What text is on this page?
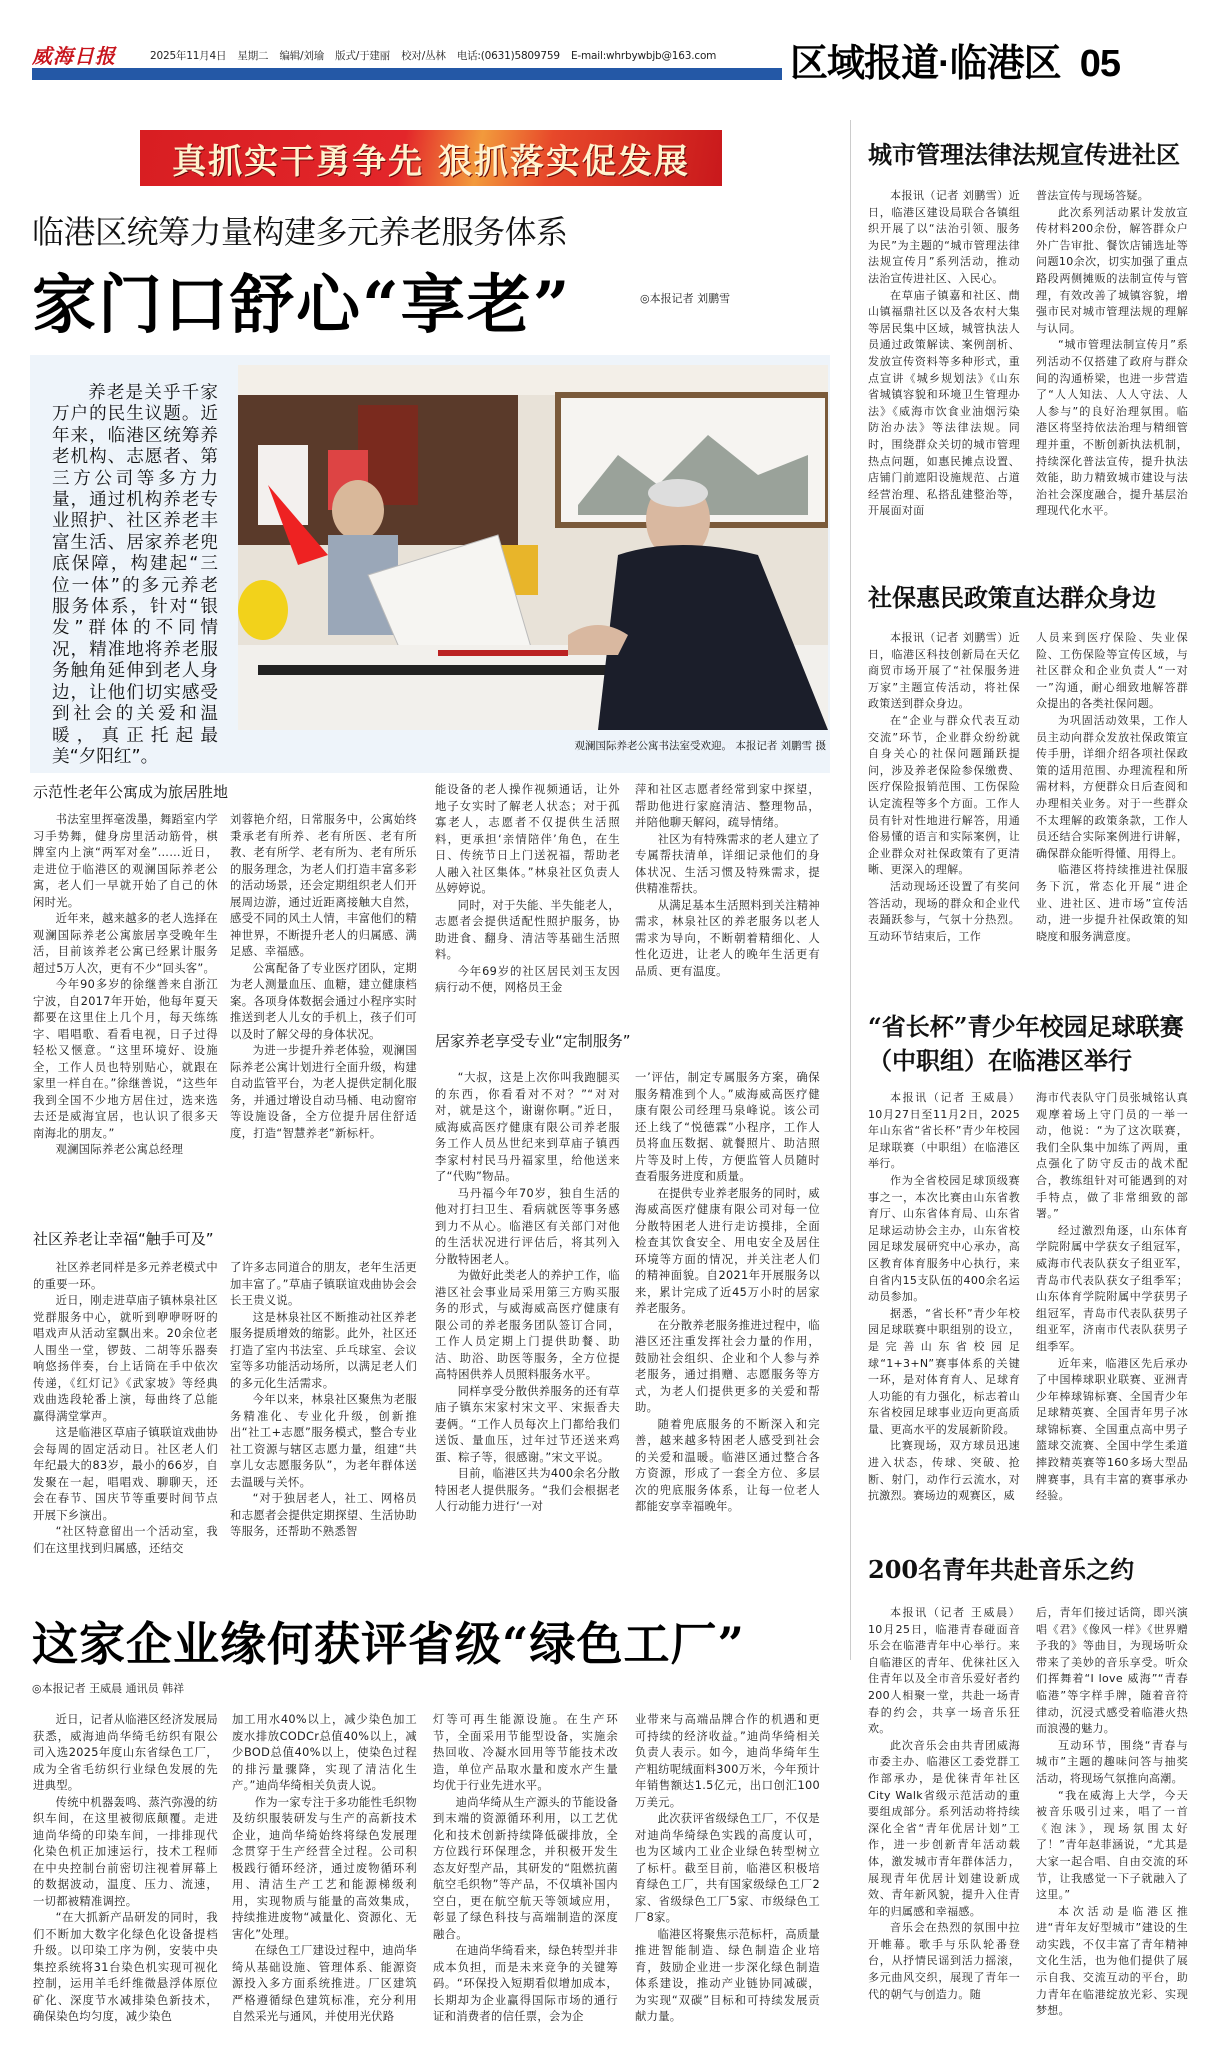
威海日报	2025年11月4日 星期二 编辑/刘瑜 版式/于建丽 校对/丛林 电话:(0631)5809759 E-mail:whrbywbjb@163.com 区域报道·临港区 05
真抓实干勇争先 狠抓落实促发展
临港区统筹力量构建多元养老服务体系
家门口舒心“享老”	◎本报记者 刘鹏雪
养老是关乎千家万户的民生议题。近年来，临港区统筹养老机构、志愿者、第三方公司等多方力量，通过机构养老专业照护、社区养老丰富生活、居家养老兜底保障，构建起“三位一体”的多元养老服务体系，针对“银发”群体的不同情况，精准地将养老服务触角延伸到老人身边，让他们切实感受到社会的关爱和温暖，真正托起最美“夕阳红”。
观澜国际养老公寓书法室受欢迎。 本报记者 刘鹏雪 摄
示范性老年公寓成为旅居胜地

书法室里挥毫泼墨，舞蹈室内学习手势舞，健身房里活动筋骨，棋牌室内上演“两军对垒”……近日，走进位于临港区的观澜国际养老公寓，老人们一早就开始了自己的休闲时光。

近年来，越来越多的老人选择在观澜国际养老公寓旅居享受晚年生活，目前该养老公寓已经累计服务超过5万人次，更有不少“回头客”。

今年90多岁的徐继善来自浙江宁波，自2017年开始，他每年夏天都要在这里住上几个月，每天练练字、唱唱歌、看看电视，日子过得轻松又惬意。“这里环境好、设施全，工作人员也特别贴心，就跟在家里一样自在。”徐继善说，“这些年我到全国不少地方居住过，选来选去还是威海宜居，也认识了很多天南海北的朋友。”

观澜国际养老公寓总经理

刘蓉艳介绍，日常服务中，公寓始终秉承老有所养、老有所医、老有所教、老有所学、老有所为、老有所乐的服务理念，为老人们打造丰富多彩的活动场景，还会定期组织老人们开展周边游，通过近距离接触大自然，感受不同的风土人情，丰富他们的精神世界，不断提升老人的归属感、满足感、幸福感。

公寓配备了专业医疗团队，定期为老人测量血压、血糖，建立健康档案。各项身体数据会通过小程序实时推送到老人儿女的手机上，孩子们可以及时了解父母的身体状况。

为进一步提升养老体验，观澜国际养老公寓计划进行全面升级，构建自动监管平台，为老人提供定制化服务，并通过增设自动马桶、电动窗帘等设施设备，全方位提升居住舒适度，打造“智慧养老”新标杆。

社区养老让幸福“触手可及”

社区养老同样是多元养老模式中的重要一环。

近日，刚走进草庙子镇林泉社区党群服务中心，就听到咿咿呀呀的唱戏声从活动室飘出来。20余位老人围坐一堂，锣鼓、二胡等乐器奏响悠扬伴奏，台上话筒在手中依次传递，《红灯记》《武家坡》等经典戏曲选段轮番上演，每曲终了总能赢得满堂掌声。

这是临港区草庙子镇联谊戏曲协会每周的固定活动日。社区老人们年纪最大的83岁，最小的66岁，自发聚在一起，唱唱戏、聊聊天，还会在春节、国庆节等重要时间节点开展下乡演出。

“社区特意留出一个活动室，我们在这里找到归属感，还结交

了许多志同道合的朋友，老年生活更加丰富了。”草庙子镇联谊戏曲协会会长王贵义说。

这是林泉社区不断推动社区养老服务提质增效的缩影。此外，社区还打造了室内书法室、乒乓球室、会议室等多功能活动场所，以满足老人们的多元化生活需求。

今年以来，林泉社区聚焦为老服务精准化、专业化升级，创新推出“社工+志愿”服务模式，整合专业社工资源与辖区志愿力量，组建“共享儿女志愿服务队”，为老年群体送去温暖与关怀。

“对于独居老人，社工、网格员和志愿者会提供定期探望、生活协助等服务，还帮助不熟悉智

能设备的老人操作视频通话，让外地子女实时了解老人状态；对于孤寡老人，志愿者不仅提供生活照料，更承担‘亲情陪伴’角色，在生日、传统节日上门送祝福，帮助老人融入社区集体。”林泉社区负责人丛婷婷说。

同时，对于失能、半失能老人，志愿者会提供适配性照护服务，协助进食、翻身、清洁等基础生活照料。

今年69岁的社区居民刘玉友因病行动不便，网格员王金

萍和社区志愿者经常到家中探望，帮助他进行家庭清洁、整理物品，并陪他聊天解闷，疏导情绪。

社区为有特殊需求的老人建立了专属帮扶清单，详细记录他们的身体状况、生活习惯及特殊需求，提供精准帮扶。

从满足基本生活照料到关注精神需求，林泉社区的养老服务以老人需求为导向，不断朝着精细化、人性化迈进，让老人的晚年生活更有品质、更有温度。

居家养老享受专业“定制服务”

“大叔，这是上次你叫我跑腿买的东西，你看看对不对？”“对对对，就是这个，谢谢你啊。”近日，威海威高医疗健康有限公司养老服务工作人员丛世纪来到草庙子镇西李家村村民马丹福家里，给他送来了“代购”物品。

马丹福今年70岁，独自生活的他对打扫卫生、看病就医等事务感到力不从心。临港区有关部门对他的生活状况进行评估后，将其列入分散特困老人。

为做好此类老人的养护工作，临港区社会事业局采用第三方购买服务的形式，与威海威高医疗健康有限公司的养老服务团队签订合同，工作人员定期上门提供助餐、助洁、助浴、助医等服务，全方位提高特困供养人员照料服务水平。

同样享受分散供养服务的还有草庙子镇东宋家村宋文平、宋振香夫妻俩。“工作人员每次上门都给我们送饭、量血压，过年过节还送来鸡蛋、粽子等，很感谢。”宋文平说。

目前，临港区共为400余名分散特困老人提供服务。“我们会根据老人行动能力进行‘一对

一’评估，制定专属服务方案，确保服务精准到个人。”威海威高医疗健康有限公司经理马泉峰说。该公司还上线了“悦德霖”小程序，工作人员将血压数据、就餐照片、助洁照片等及时上传，方便监管人员随时查看服务进度和质量。

在提供专业养老服务的同时，威海威高医疗健康有限公司对每一位分散特困老人进行走访摸排，全面检查其饮食安全、用电安全及居住环境等方面的情况，并关注老人们的精神面貌。自2021年开展服务以来，累计完成了近45万小时的居家养老服务。

在分散养老服务推进过程中，临港区还注重发挥社会力量的作用，鼓励社会组织、企业和个人参与养老服务，通过捐赠、志愿服务等方式，为老人们提供更多的关爱和帮助。

随着兜底服务的不断深入和完善，越来越多特困老人感受到社会的关爱和温暖。临港区通过整合各方资源，形成了一套全方位、多层次的兜底服务体系，让每一位老人都能安享幸福晚年。

这家企业缘何获评省级“绿色工厂”
◎本报记者 王威晨 通讯员 韩祥

近日，记者从临港区经济发展局获悉，威海迪尚华绮毛纺织有限公司入选2025年度山东省绿色工厂，成为全省毛纺织行业绿色发展的先进典型。

传统中机器轰鸣、蒸汽弥漫的纺织车间，在这里被彻底颠覆。走进迪尚华绮的印染车间，一排排现代化染色机正加速运行，技术工程师在中央控制台前密切注视着屏幕上的数据波动，温度、压力、流速，一切都被精准调控。

“在大抓新产品研发的同时，我们不断加大数字化绿色化设备提档升级。以印染工序为例，安装中央集控系统将31台染色机实现可视化控制，运用羊毛纤维微悬浮体原位矿化、深度节水减排染色新技术，确保染色均匀度，减少染色

加工用水40%以上，减少染色加工废水排放CODCr总值40%以上，减少BOD总值40%以上，使染色过程的排污量骤降，实现了清洁化生产。”迪尚华绮相关负责人说。

作为一家专注于多功能性毛织物及纺织服装研发与生产的高新技术企业，迪尚华绮始终将绿色发展理念贯穿于生产经营全过程。公司积极践行循环经济，通过废物循环利用、清洁生产工艺和能源梯级利用，实现物质与能量的高效集成，持续推进废物“减量化、资源化、无害化”处理。

在绿色工厂建设过程中，迪尚华绮从基础设施、管理体系、能源资源投入多方面系统推进。厂区建筑严格遵循绿色建筑标准，充分利用自然采光与通风，并使用光伏路

灯等可再生能源设施。在生产环节，全面采用节能型设备，实施余热回收、冷凝水回用等节能技术改造，单位产品取水量和废水产生量均优于行业先进水平。

迪尚华绮从生产源头的节能设备到末端的资源循环利用，以工艺优化和技术创新持续降低碳排放，全方位践行环保理念，并积极开发生态友好型产品，其研发的“阻燃抗菌航空毛织物”等产品，不仅填补国内空白，更在航空航天等领域应用，彰显了绿色科技与高端制造的深度融合。

在迪尚华绮看来，绿色转型并非成本负担，而是未来竞争的关键筹码。“环保投入短期看似增加成本，长期却为企业赢得国际市场的通行证和消费者的信任票，会为企

业带来与高端品牌合作的机遇和更可持续的经济收益。”迪尚华绮相关负责人表示。如今，迪尚华绮年生产粗纺呢绒面料300万米，今年预计年销售额达1.5亿元，出口创汇100万美元。

此次获评省级绿色工厂，不仅是对迪尚华绮绿色实践的高度认可，也为区域内工业企业绿色转型树立了标杆。截至目前，临港区积极培育绿色工厂，共有国家级绿色工厂2家、省级绿色工厂5家、市级绿色工厂8家。

临港区将聚焦示范标杆，高质量推进智能制造、绿色制造企业培育，鼓励企业进一步深化绿色制造体系建设，推动产业链协同减碳，为实现“双碳”目标和可持续发展贡献力量。

城市管理法律法规宣传进社区

本报讯（记者 刘鹏雪）近日，临港区建设局联合各镇组织开展了以“法治引领、服务为民”为主题的“城市管理法律法规宣传月”系列活动，推动法治宣传进社区、入民心。

在草庙子镇嘉和社区、蔄山镇福鼎社区以及各农村大集等居民集中区域，城管执法人员通过政策解读、案例剖析、发放宣传资料等多种形式，重点宣讲《城乡规划法》《山东省城镇容貌和环境卫生管理办法》《威海市饮食业油烟污染防治办法》等法律法规。同时，围绕群众关切的城市管理热点问题，如惠民摊点设置、店铺门前遮阳设施规范、占道经营治理、私搭乱建整治等，开展面对面

普法宣传与现场答疑。

此次系列活动累计发放宣传材料200余份，解答群众户外广告审批、餐饮店铺选址等问题10余次，切实加强了重点路段两侧摊贩的法制宣传与管理，有效改善了城镇容貌，增强市民对城市管理法规的理解与认同。

“城市管理法制宣传月”系列活动不仅搭建了政府与群众间的沟通桥梁，也进一步营造了“人人知法、人人守法、人人参与”的良好治理氛围。临港区将坚持依法治理与精细管理并重，不断创新执法机制，持续深化普法宣传，提升执法效能，助力精致城市建设与法治社会深度融合，提升基层治理现代化水平。

社保惠民政策直达群众身边

本报讯（记者 刘鹏雪）近日，临港区科技创新局在天亿商贸市场开展了“社保服务进万家”主题宣传活动，将社保政策送到群众身边。

在“企业与群众代表互动交流”环节，企业群众纷纷就自身关心的社保问题踊跃提问，涉及养老保险参保缴费、医疗保险报销范围、工伤保险认定流程等多个方面。工作人员有针对性地进行解答，用通俗易懂的语言和实际案例，让企业群众对社保政策有了更清晰、更深入的理解。

活动现场还设置了有奖问答活动，现场的群众和企业代表踊跃参与，气氛十分热烈。互动环节结束后，工作

人员来到医疗保险、失业保险、工伤保险等宣传区域，与社区群众和企业负责人“一对一”沟通，耐心细致地解答群众提出的各类社保问题。

为巩固活动效果，工作人员主动向群众发放社保政策宣传手册，详细介绍各项社保政策的适用范围、办理流程和所需材料，方便群众日后查阅和办理相关业务。对于一些群众不太理解的政策条款，工作人员还结合实际案例进行讲解，确保群众能听得懂、用得上。

临港区将持续推进社保服务下沉，常态化开展“进企业、进社区、进市场”宣传活动，进一步提升社保政策的知晓度和服务满意度。

“省长杯”青少年校园足球联赛
（中职组）在临港区举行

本报讯（记者 王威晨）10月27日至11月2日，2025年山东省“省长杯”青少年校园足球联赛（中职组）在临港区举行。

作为全省校园足球顶级赛事之一，本次比赛由山东省教育厅、山东省体育局、山东省足球运动协会主办，山东省校园足球发展研究中心承办，高区教育体育服务中心执行，来自省内15支队伍的400余名运动员参加。

据悉，“省长杯”青少年校园足球联赛中职组别的设立，是完善山东省校园足球“1+3+N”赛事体系的关键一环，是对体育育人、足球育人功能的有力强化，标志着山东省校园足球事业迈向更高质量、更高水平的发展新阶段。

比赛现场，双方球员迅速进入状态，传球、突破、抢断、射门，动作行云流水，对抗激烈。赛场边的观赛区，威

海市代表队守门员张城铭认真观摩着场上守门员的一举一动，他说：“为了这次联赛，我们全队集中加练了两周，重点强化了防守反击的战术配合，教练组针对可能遇到的对手特点，做了非常细致的部署。”

经过激烈角逐，山东体育学院附属中学获女子组冠军，威海市代表队获女子组亚军，青岛市代表队获女子组季军；山东体育学院附属中学获男子组冠军，青岛市代表队获男子组亚军，济南市代表队获男子组季军。

近年来，临港区先后承办了中国棒球职业联赛、亚洲青少年棒球锦标赛、全国青少年足球精英赛、全国青年男子冰球锦标赛、全国重点高中男子篮球交流赛、全国中学生柔道摔跤精英赛等160多场大型品牌赛事，具有丰富的赛事承办经验。

200名青年共赴音乐之约

本报讯（记者 王威晨）10月25日，临港青春碰面音乐会在临港青年中心举行。来自临港区的青年、优徕社区入住青年以及全市音乐爱好者约200人相聚一堂，共赴一场青春的约会，共享一场音乐狂欢。

此次音乐会由共青团威海市委主办、临港区工委党群工作部承办，是优徕青年社区City Walk省级示范活动的重要组成部分。系列活动将持续深化全省“青年优居计划”工作，进一步创新青年活动载体，激发城市青年群体活力，展现青年优居计划建设新成效、青年新风貌，提升入住青年的归属感和幸福感。

音乐会在热烈的氛围中拉开帷幕。歌手与乐队轮番登台，从抒情民谣到活力摇滚，多元曲风交织，展现了青年一代的朝气与创造力。随

后，青年们接过话筒，即兴演唱《君》《像风一样》《世界赠予我的》等曲目，为现场听众带来了美妙的音乐享受。听众们挥舞着“I love 威海”“青春临港”等字样手牌，随着音符律动，沉浸式感受着临港火热而浪漫的魅力。

互动环节，围绕“青春与城市”主题的趣味问答与抽奖活动，将现场气氛推向高潮。

“我在威海上大学，今天被音乐吸引过来，唱了一首《泡沫》，现场氛围太好了！”青年赵菲涵说，“尤其是大家一起合唱、自由交流的环节，让我感觉一下子就融入了这里。”

本次活动是临港区推进“青年友好型城市”建设的生动实践，不仅丰富了青年精神文化生活，也为他们提供了展示自我、交流互动的平台，助力青年在临港绽放光彩、实现梦想。
